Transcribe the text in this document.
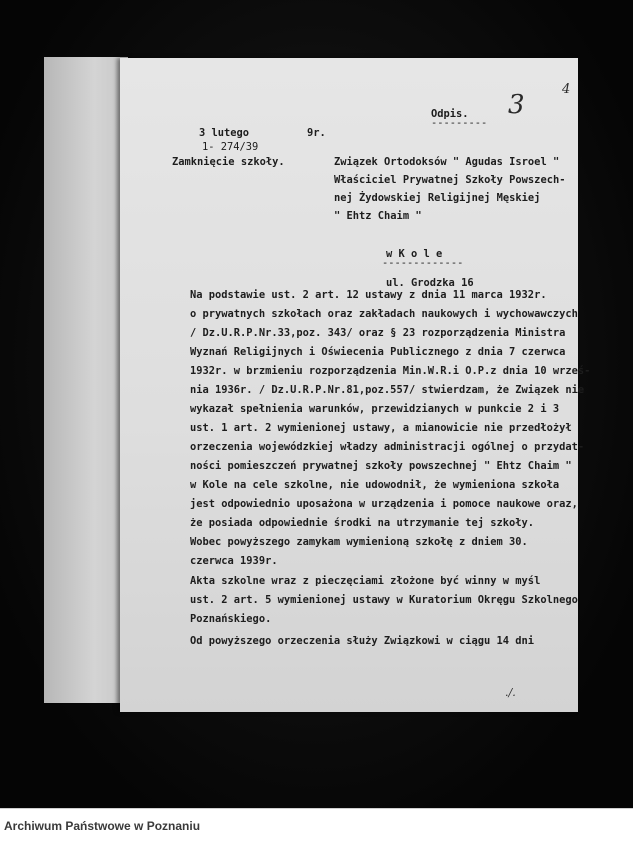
4
3
Odpis.
---------
3 lutego	9r.
1- 274/39
Zamknięcie szkoły.	Związek Ortodoksów " Agudas Isroel "
Właściciel Prywatnej Szkoły Powszech-
nej Żydowskiej Religijnej Męskiej
" Ehtz Chaim "
w K o l e
-------------
ul. Grodzka 16
Na podstawie ust. 2 art. 12 ustawy z dnia 11 marca 1932r.
o prywatnych szkołach oraz zakładach naukowych i wychowawczych
/ Dz.U.R.P.Nr.33,poz. 343/ oraz § 23 rozporządzenia Ministra
Wyznań Religijnych i Oświecenia Publicznego z dnia 7 czerwca
1932r. w brzmieniu rozporządzenia Min.W.R.i O.P.z dnia 10 wrześ-
nia 1936r. / Dz.U.R.P.Nr.81,poz.557/ stwierdzam, że Związek nie
wykazał spełnienia warunków, przewidzianych w punkcie 2 i 3
ust. 1 art. 2 wymienionej ustawy, a mianowicie nie przedłożył
orzeczenia wojewódzkiej władzy administracji ogólnej o przydat-
ności pomieszczeń prywatnej szkoły powszechnej " Ehtz Chaim "
w Kole na cele szkolne, nie udowodnił, że wymieniona szkoła
jest odpowiednio uposażona w urządzenia i pomoce naukowe oraz,
że posiada odpowiednie środki na utrzymanie tej szkoły.
Wobec powyższego zamykam wymienioną szkołę z dniem 30.
czerwca 1939r.
Akta szkolne wraz z pieczęciami złożone być winny w myśl
ust. 2 art. 5 wymienionej ustawy w Kuratorium Okręgu Szkolnego
Poznańskiego.
Od powyższego orzeczenia służy Związkowi w ciągu 14 dni
./.
Archiwum Państwowe w Poznaniu
